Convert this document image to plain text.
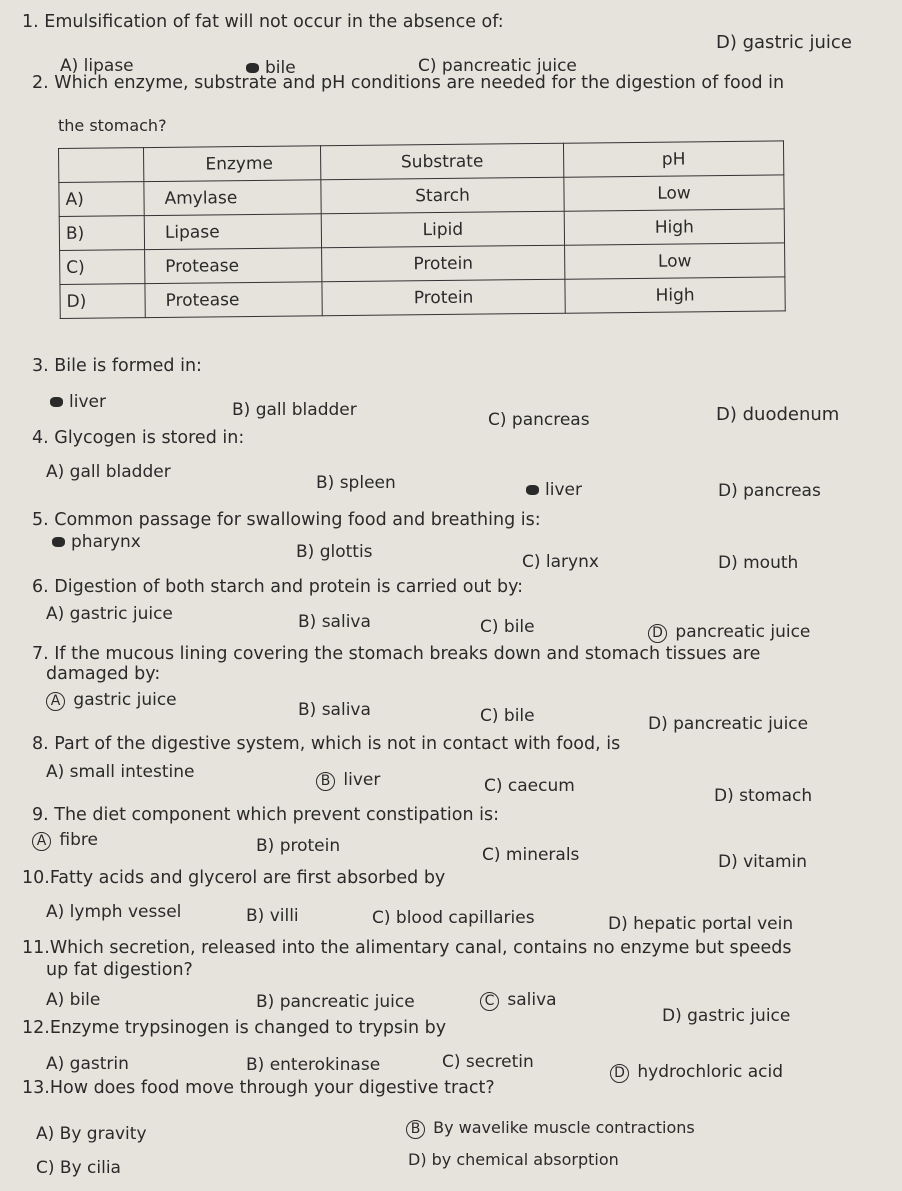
1. Emulsification of fat will not occur in the absence of:
A) lipase	bile	C) pancreatic juice
D) gastric juice
2. Which enzyme, substrate and pH conditions are needed for the digestion of food in
the stomach?
	Enzyme	Substrate	pH
A)	Amylase	Starch	Low
B)	Lipase	Lipid	High
C)	Protease	Protein	Low
D)	Protease	Protein	High
3. Bile is formed in:
liver	B) gall bladder	C) pancreas	D) duodenum
4. Glycogen is stored in:
A) gall bladder
B) spleen	liver	D) pancreas
5. Common passage for swallowing food and breathing is:
pharynx	B) glottis	C) larynx	D) mouth
6. Digestion of both starch and protein is carried out by:
A) gastric juice	B) saliva	C) bile	D pancreatic juice
7. If the mucous lining covering the stomach breaks down and stomach tissues are
damaged by:
A gastric juice	B) saliva	C) bile	D) pancreatic juice
8. Part of the digestive system, which is not in contact with food, is
A) small intestine	B liver	C) caecum	D) stomach
9. The diet component which prevent constipation is:
A fibre	B) protein	C) minerals	D) vitamin
10.Fatty acids and glycerol are first absorbed by
A) lymph vessel	B) villi	C) blood capillaries	D) hepatic portal vein
11.Which secretion, released into the alimentary canal, contains no enzyme but speeds
up fat digestion?
A) bile	B) pancreatic juice	C saliva
D) gastric juice
12.Enzyme trypsinogen is changed to trypsin by
A) gastrin	B) enterokinase	C) secretin
D hydrochloric acid
13.How does food move through your digestive tract?
A) By gravity	B By wavelike muscle contractions
C) By cilia	D) by chemical absorption
